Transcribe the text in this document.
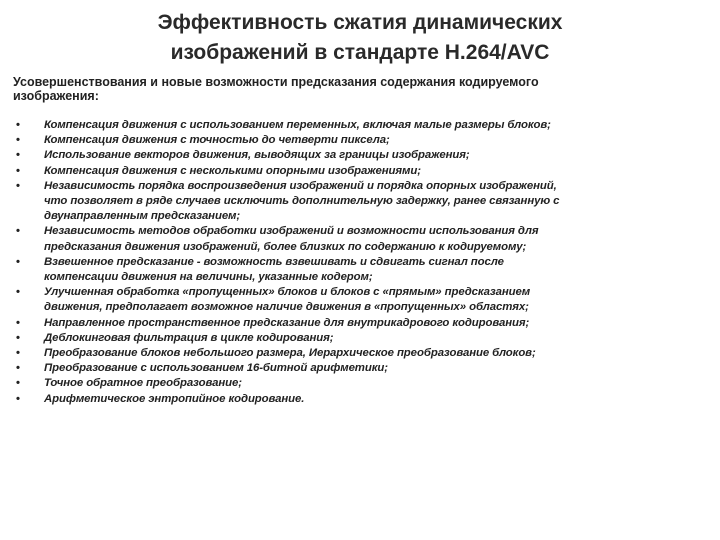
Эффективность сжатия динамических
изображений в стандарте H.264/AVC

Усовершенствования и новые возможности предсказания содержания кодируемого
изображения:

• Компенсация движения с использованием переменных, включая малые размеры блоков;
• Компенсация движения с точностью до четверти пиксела;
• Использование векторов движения, выводящих за границы изображения;
• Компенсация движения с несколькими опорными изображениями;
• Независимость порядка воспроизведения изображений и порядка опорных изображений,
что позволяет в ряде случаев исключить дополнительную задержку, ранее связанную с
двунаправленным предсказанием;
• Независимость методов обработки изображений и возможности использования для
предсказания движения изображений, более близких по содержанию к кодируемому;
• Взвешенное предсказание - возможность взвешивать и сдвигать сигнал после
компенсации движения на величины, указанные кодером;
• Улучшенная обработка «пропущенных» блоков и блоков с «прямым» предсказанием
движения, предполагает возможное наличие движения в «пропущенных» областях;
• Направленное пространственное предсказание для внутрикадрового кодирования;
• Деблокинговая фильтрация в цикле кодирования;
• Преобразование блоков небольшого размера, Иерархическое преобразование блоков;
• Преобразование с использованием 16-битной арифметики;
• Точное обратное преобразование;
• Арифметическое энтропийное кодирование.
